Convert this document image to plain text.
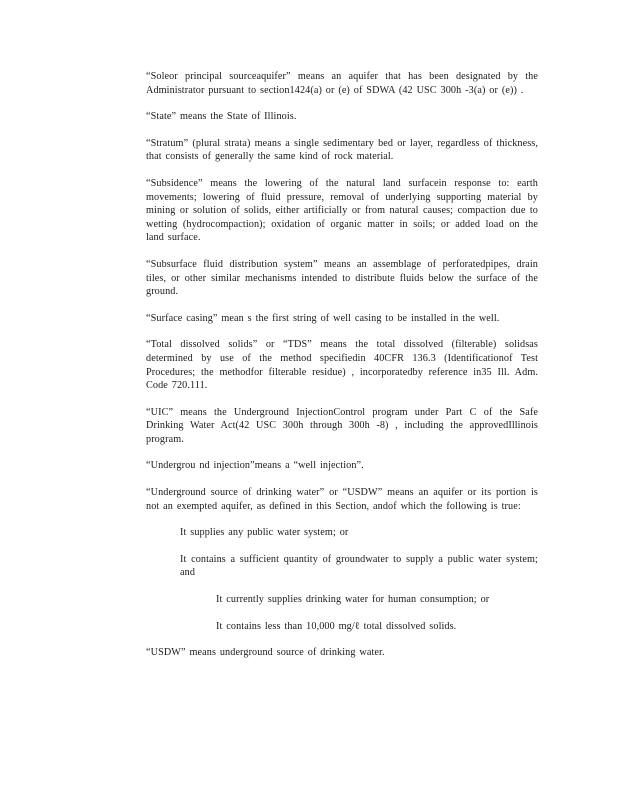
“Soleor principal sourceaquifer” means an aquifer that has been designated by the Administrator pursuant to section1424(a) or (e) of SDWA (42 USC 300h -3(a) or (e)) .

“State” means the State of Illinois.

“Stratum” (plural strata) means a single sedimentary bed or layer, regardless of thickness, that consists of generally the same kind of rock material.

“Subsidence” means the lowering of the natural land surfacein response to: earth movements; lowering of fluid pressure, removal of underlying supporting material by mining or solution of solids, either artificially or from natural causes; compaction due to wetting (hydrocompaction); oxidation of organic matter in soils; or added load on the land surface.

“Subsurface fluid distribution system” means an assemblage of perforatedpipes, drain tiles, or other similar mechanisms intended to distribute fluids below the surface of the ground.

“Surface casing” mean s the first string of well casing to be installed in the well.

“Total dissolved solids” or “TDS” means the total dissolved (filterable) solidsas determined by use of the method specifiedin 40CFR 136.3 (Identificationof Test Procedures; the methodfor filterable residue) , incorporatedby reference in35 Ill. Adm. Code 720.111.

“UIC” means the Underground InjectionControl program under Part C of the Safe Drinking Water Act(42 USC 300h through 300h -8) , including the approvedIllinois program.

“Undergrou nd injection”means a “well injection”.

“Underground source of drinking water” or “USDW” means an aquifer or its portion is not an exempted aquifer, as defined in this Section, andof which the following is true:

It supplies any public water system; or

It contains a sufficient quantity of groundwater to supply a public water system; and

It currently supplies drinking water for human consumption; or

It contains less than 10,000 mg/ℓ total dissolved solids.

“USDW” means underground source of drinking water.
